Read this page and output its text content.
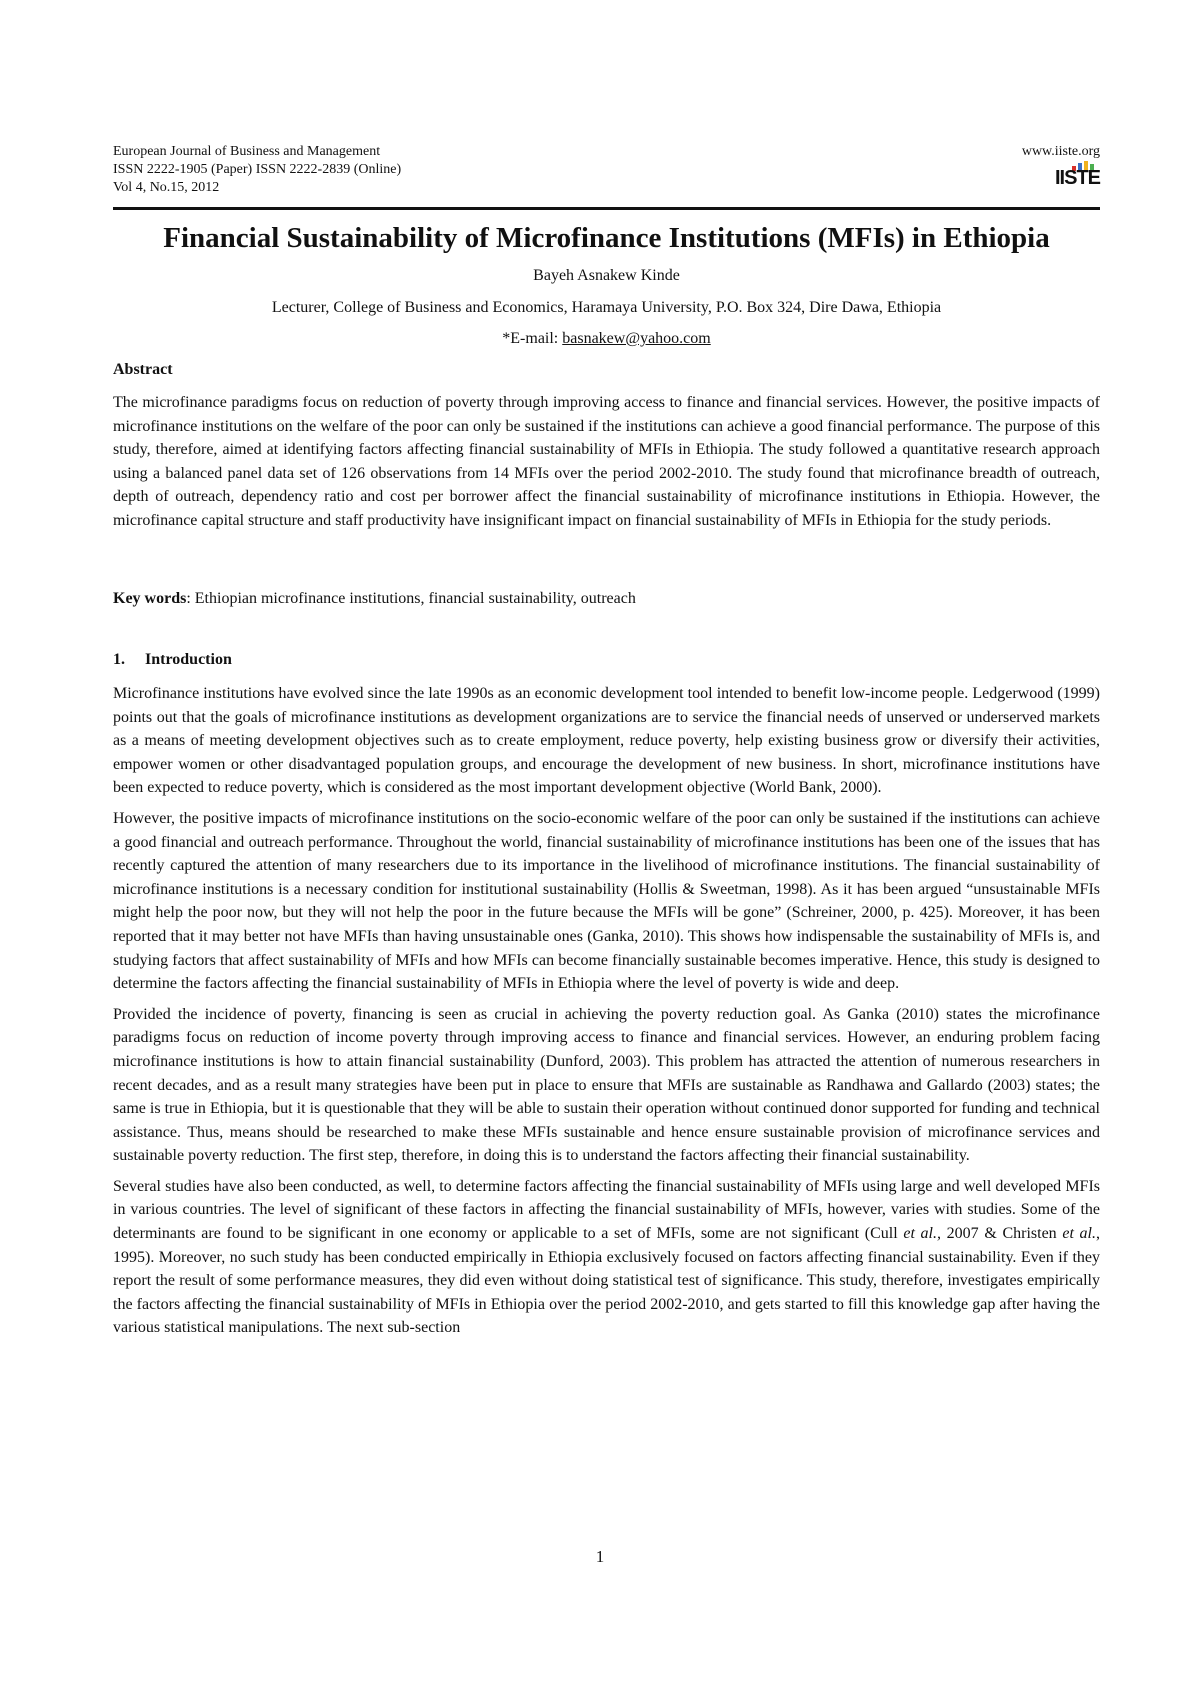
European Journal of Business and Management
ISSN 2222-1905 (Paper) ISSN 2222-2839 (Online)
Vol 4, No.15, 2012
www.iiste.org
IISTE
Financial Sustainability of Microfinance Institutions (MFIs) in Ethiopia
Bayeh Asnakew Kinde
Lecturer, College of Business and Economics, Haramaya University, P.O. Box 324, Dire Dawa, Ethiopia
*E-mail: basnakew@yahoo.com
Abstract

The microfinance paradigms focus on reduction of poverty through improving access to finance and financial services. However, the positive impacts of microfinance institutions on the welfare of the poor can only be sustained if the institutions can achieve a good financial performance. The purpose of this study, therefore, aimed at identifying factors affecting financial sustainability of MFIs in Ethiopia. The study followed a quantitative research approach using a balanced panel data set of 126 observations from 14 MFIs over the period 2002-2010. The study found that microfinance breadth of outreach, depth of outreach, dependency ratio and cost per borrower affect the financial sustainability of microfinance institutions in Ethiopia. However, the microfinance capital structure and staff productivity have insignificant impact on financial sustainability of MFIs in Ethiopia for the study periods.

Key words: Ethiopian microfinance institutions, financial sustainability, outreach

1. Introduction

Microfinance institutions have evolved since the late 1990s as an economic development tool intended to benefit low-income people. Ledgerwood (1999) points out that the goals of microfinance institutions as development organizations are to service the financial needs of unserved or underserved markets as a means of meeting development objectives such as to create employment, reduce poverty, help existing business grow or diversify their activities, empower women or other disadvantaged population groups, and encourage the development of new business. In short, microfinance institutions have been expected to reduce poverty, which is considered as the most important development objective (World Bank, 2000).

However, the positive impacts of microfinance institutions on the socio-economic welfare of the poor can only be sustained if the institutions can achieve a good financial and outreach performance. Throughout the world, financial sustainability of microfinance institutions has been one of the issues that has recently captured the attention of many researchers due to its importance in the livelihood of microfinance institutions. The financial sustainability of microfinance institutions is a necessary condition for institutional sustainability (Hollis & Sweetman, 1998). As it has been argued “unsustainable MFIs might help the poor now, but they will not help the poor in the future because the MFIs will be gone” (Schreiner, 2000, p. 425). Moreover, it has been reported that it may better not have MFIs than having unsustainable ones (Ganka, 2010). This shows how indispensable the sustainability of MFIs is, and studying factors that affect sustainability of MFIs and how MFIs can become financially sustainable becomes imperative. Hence, this study is designed to determine the factors affecting the financial sustainability of MFIs in Ethiopia where the level of poverty is wide and deep.

Provided the incidence of poverty, financing is seen as crucial in achieving the poverty reduction goal. As Ganka (2010) states the microfinance paradigms focus on reduction of income poverty through improving access to finance and financial services. However, an enduring problem facing microfinance institutions is how to attain financial sustainability (Dunford, 2003). This problem has attracted the attention of numerous researchers in recent decades, and as a result many strategies have been put in place to ensure that MFIs are sustainable as Randhawa and Gallardo (2003) states; the same is true in Ethiopia, but it is questionable that they will be able to sustain their operation without continued donor supported for funding and technical assistance. Thus, means should be researched to make these MFIs sustainable and hence ensure sustainable provision of microfinance services and sustainable poverty reduction. The first step, therefore, in doing this is to understand the factors affecting their financial sustainability.

Several studies have also been conducted, as well, to determine factors affecting the financial sustainability of MFIs using large and well developed MFIs in various countries. The level of significant of these factors in affecting the financial sustainability of MFIs, however, varies with studies. Some of the determinants are found to be significant in one economy or applicable to a set of MFIs, some are not significant (Cull et al., 2007 & Christen et al., 1995). Moreover, no such study has been conducted empirically in Ethiopia exclusively focused on factors affecting financial sustainability. Even if they report the result of some performance measures, they did even without doing statistical test of significance. This study, therefore, investigates empirically the factors affecting the financial sustainability of MFIs in Ethiopia over the period 2002-2010, and gets started to fill this knowledge gap after having the various statistical manipulations. The next sub-section

1
